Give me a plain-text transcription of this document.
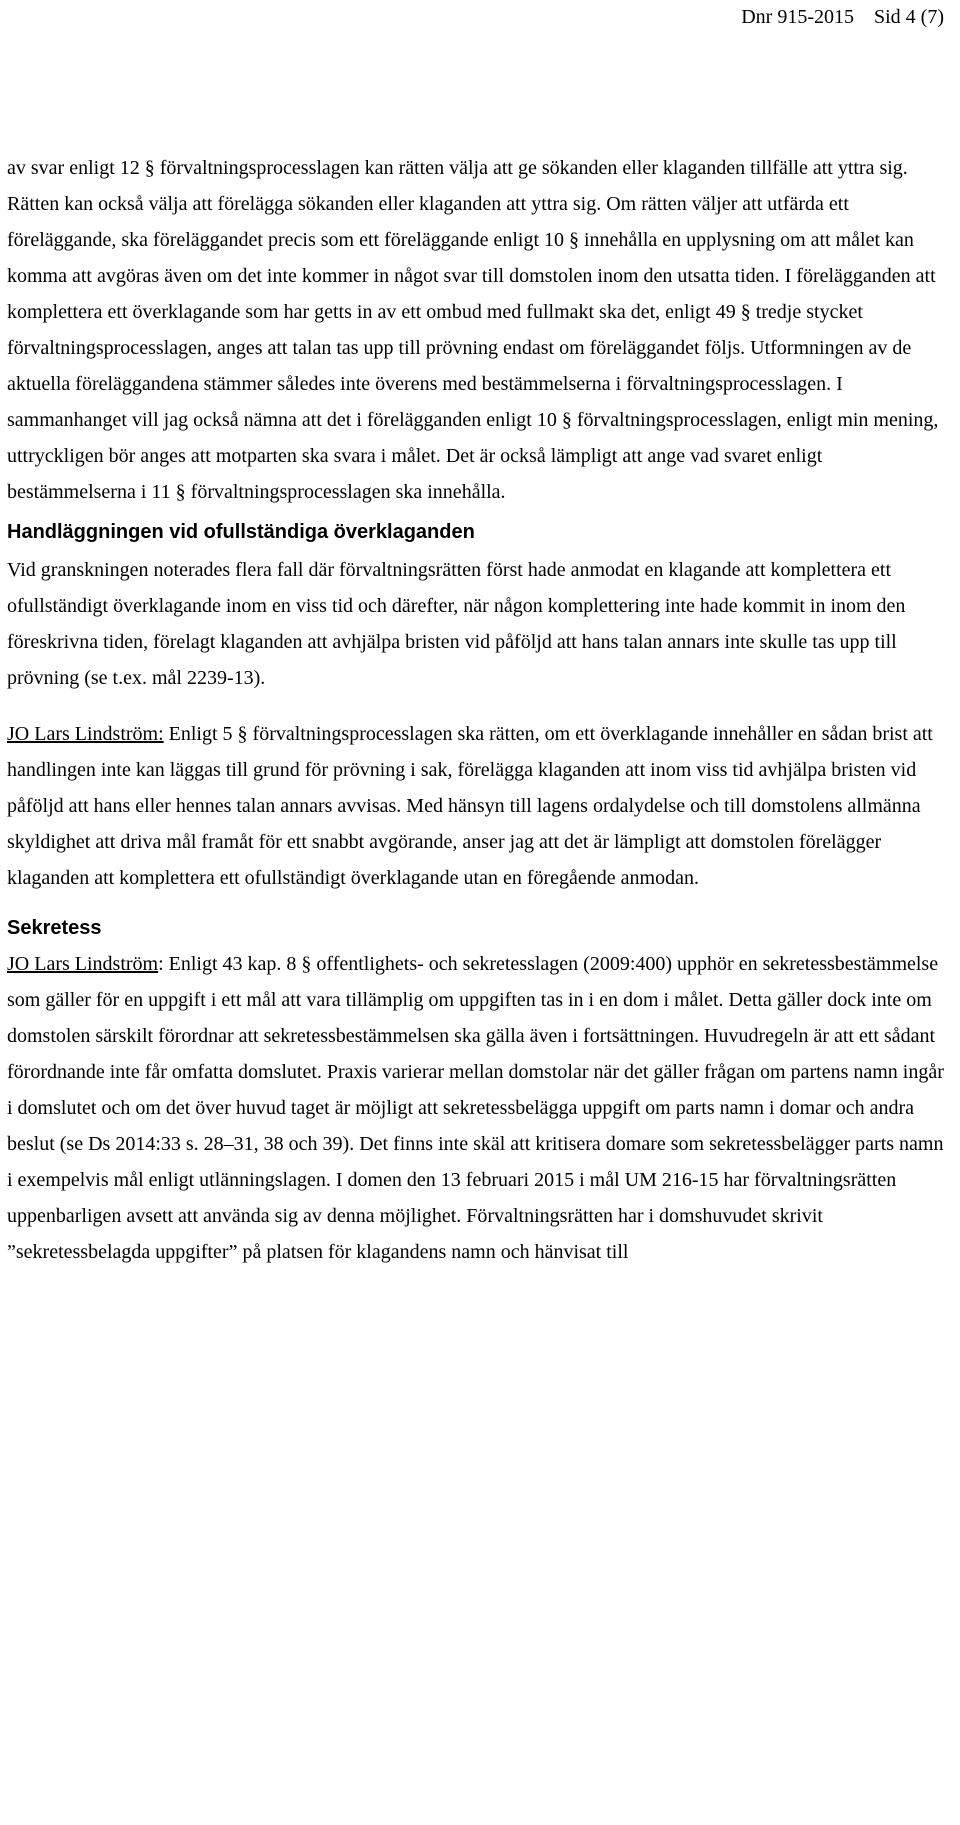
Dnr 915-2015 Sid 4 (7)

av svar enligt 12 § förvaltningsprocesslagen kan rätten välja att ge sökanden eller klaganden tillfälle att yttra sig. Rätten kan också välja att förelägga sökanden eller klaganden att yttra sig. Om rätten väljer att utfärda ett föreläggande, ska föreläggandet precis som ett föreläggande enligt 10 § innehålla en upplysning om att målet kan komma att avgöras även om det inte kommer in något svar till domstolen inom den utsatta tiden. I förelägganden att komplettera ett överklagande som har getts in av ett ombud med fullmakt ska det, enligt 49 § tredje stycket förvaltningsprocesslagen, anges att talan tas upp till prövning endast om föreläggandet följs. Utformningen av de aktuella föreläggandena stämmer således inte överens med bestämmelserna i förvaltningsprocesslagen. I sammanhanget vill jag också nämna att det i förelägganden enligt 10 § förvaltningsprocesslagen, enligt min mening, uttryckligen bör anges att motparten ska svara i målet. Det är också lämpligt att ange vad svaret enligt bestämmelserna i 11 § förvaltningsprocesslagen ska innehålla.

Handläggningen vid ofullständiga överklaganden

Vid granskningen noterades flera fall där förvaltningsrätten först hade anmodat en klagande att komplettera ett ofullständigt överklagande inom en viss tid och därefter, när någon komplettering inte hade kommit in inom den föreskrivna tiden, förelagt klaganden att avhjälpa bristen vid påföljd att hans talan annars inte skulle tas upp till prövning (se t.ex. mål 2239-13).

JO Lars Lindström: Enligt 5 § förvaltningsprocesslagen ska rätten, om ett överklagande innehåller en sådan brist att handlingen inte kan läggas till grund för prövning i sak, förelägga klaganden att inom viss tid avhjälpa bristen vid påföljd att hans eller hennes talan annars avvisas. Med hänsyn till lagens ordalydelse och till domstolens allmänna skyldighet att driva mål framåt för ett snabbt avgörande, anser jag att det är lämpligt att domstolen förelägger klaganden att komplettera ett ofullständigt överklagande utan en föregående anmodan.

Sekretess

JO Lars Lindström: Enligt 43 kap. 8 § offentlighets- och sekretesslagen (2009:400) upphör en sekretessbestämmelse som gäller för en uppgift i ett mål att vara tillämplig om uppgiften tas in i en dom i målet. Detta gäller dock inte om domstolen särskilt förordnar att sekretessbestämmelsen ska gälla även i fortsättningen. Huvudregeln är att ett sådant förordnande inte får omfatta domslutet. Praxis varierar mellan domstolar när det gäller frågan om partens namn ingår i domslutet och om det över huvud taget är möjligt att sekretessbelägga uppgift om parts namn i domar och andra beslut (se Ds 2014:33 s. 28–31, 38 och 39). Det finns inte skäl att kritisera domare som sekretessbelägger parts namn i exempelvis mål enligt utlänningslagen. I domen den 13 februari 2015 i mål UM 216-15 har förvaltningsrätten uppenbarligen avsett att använda sig av denna möjlighet. Förvaltningsrätten har i domshuvudet skrivit ”sekretessbelagda uppgifter” på platsen för klagandens namn och hänvisat till
